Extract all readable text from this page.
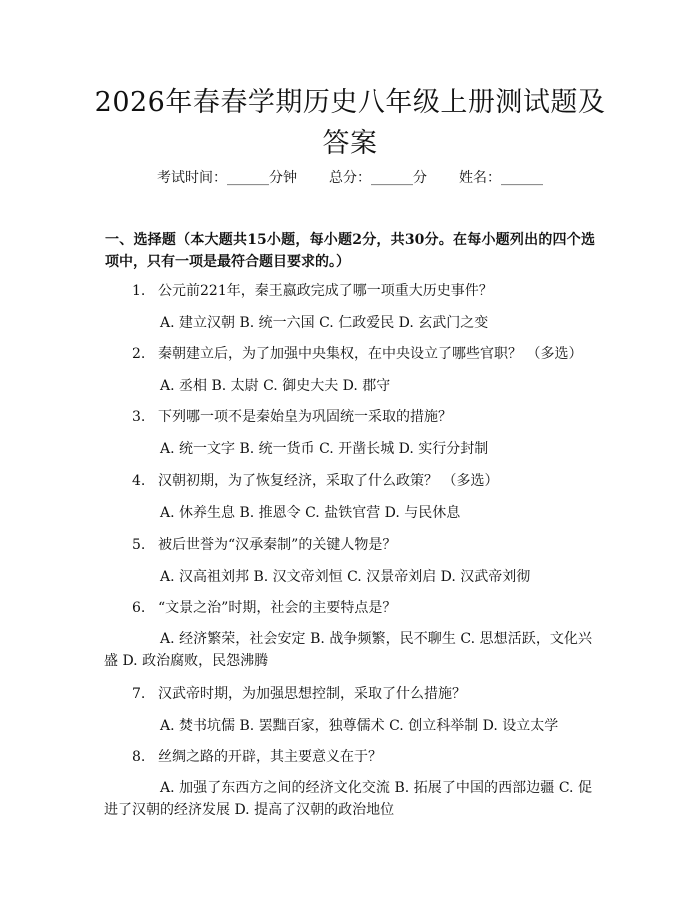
2026年春春学期历史八年级上册测试题及答案
考试时间：______分钟 总分：______分 姓名：______
一、选择题（本大题共15小题，每小题2分，共30分。在每小题列出的四个选项中，只有一项是最符合题目要求的。）
1. 公元前221年，秦王嬴政完成了哪一项重大历史事件？
A. 建立汉朝 B. 统一六国 C. 仁政爱民 D. 玄武门之变
2. 秦朝建立后，为了加强中央集权，在中央设立了哪些官职？ （多选）
A. 丞相 B. 太尉 C. 御史大夫 D. 郡守
3. 下列哪一项不是秦始皇为巩固统一采取的措施？
A. 统一文字 B. 统一货币 C. 开凿长城 D. 实行分封制
4. 汉朝初期，为了恢复经济，采取了什么政策？ （多选）
A. 休养生息 B. 推恩令 C. 盐铁官营 D. 与民休息
5. 被后世誉为“汉承秦制”的关键人物是？
A. 汉高祖刘邦 B. 汉文帝刘恒 C. 汉景帝刘启 D. 汉武帝刘彻
6. “文景之治”时期，社会的主要特点是？
A. 经济繁荣，社会安定 B. 战争频繁，民不聊生 C. 思想活跃，文化兴盛 D. 政治腐败，民怨沸腾
7. 汉武帝时期，为加强思想控制，采取了什么措施？
A. 焚书坑儒 B. 罢黜百家，独尊儒术 C. 创立科举制 D. 设立太学
8. 丝绸之路的开辟，其主要意义在于？
A. 加强了东西方之间的经济文化交流 B. 拓展了中国的西部边疆 C. 促进了汉朝的经济发展 D. 提高了汉朝的政治地位
